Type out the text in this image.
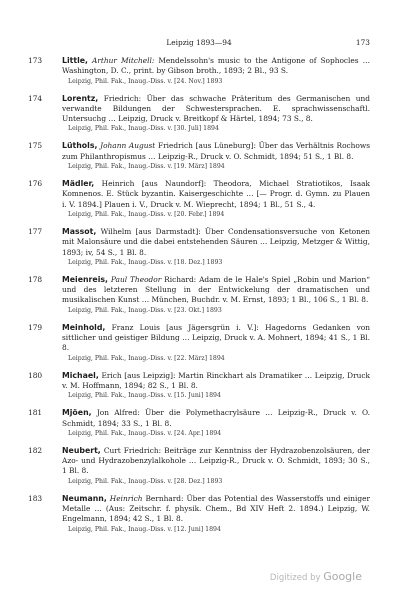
Leipzig 1893—94	173
173	Little, Arthur Mitchell: Mendelssohn's music to the Antigone of Sophocles … Washington, D. C., print. by Gibson broth., 1893; 2 Bl., 93 S.
Leipzig, Phil. Fak., Inaug.-Diss. v. [24. Nov.] 1893
174	Lorentz, Friedrich: Über das schwache Präteritum des Germanischen und verwandte Bildungen der Schwestersprachen. E. sprachwissenschaftl. Untersuchg … Leipzig, Druck v. Breitkopf & Härtel, 1894; 73 S., 8.
Leipzig, Phil. Fak., Inaug.-Diss. v. [30. Juli] 1894
175	Lüthols, Johann August Friedrich [aus Lüneburg]: Über das Verhältnis Rochows zum Philanthropismus … Leipzig-R., Druck v. O. Schmidt, 1894; 51 S., 1 Bl. 8.
Leipzig, Phil. Fak., Inaug.-Diss. v. [19. März] 1894
176	Mädler, Heinrich [aus Naundorf]: Theodora, Michael Stratiotikos, Isaak Komnenos. E. Stück byzantin. Kaisergeschichte … [— Progr. d. Gymn. zu Plauen i. V. 1894.] Plauen i. V., Druck v. M. Wieprecht, 1894; 1 Bl., 51 S., 4.
Leipzig, Phil. Fak., Inaug.-Diss. v. [20. Febr.] 1894
177	Massot, Wilhelm [aus Darmstadt]: Über Condensationsversuche von Ketonen mit Malonsäure und die dabei entstehenden Säuren … Leipzig, Metzger & Wittig, 1893; iv, 54 S., 1 Bl. 8.
Leipzig, Phil. Fak., Inaug.-Diss. v. [18. Dez.] 1893
178	Meienreis, Paul Theodor Richard: Adam de le Hale's Spiel „Robin und Marion“ und des letzteren Stellung in der Entwickelung der dramatischen und musikalischen Kunst … München, Buchdr. v. M. Ernst, 1893; 1 Bl., 106 S., 1 Bl. 8.
Leipzig, Phil. Fak., Inaug.-Diss. v. [23. Okt.] 1893
179	Meinhold, Franz Louis [aus Jägersgrün i. V.]: Hagedorns Gedanken von sittlicher und geistiger Bildung … Leipzig, Druck v. A. Mohnert, 1894; 41 S., 1 Bl. 8.
Leipzig, Phil. Fak., Inaug.-Diss. v. [22. März] 1894
180	Michael, Erich [aus Leipzig]: Martin Rinckhart als Dramatiker … Leipzig, Druck v. M. Hoffmann, 1894; 82 S., 1 Bl. 8.
Leipzig, Phil. Fak., Inaug.-Diss. v. [15. Juni] 1894
181	Mjöen, Jon Alfred: Über die Polymethacrylsäure … Leipzig-R., Druck v. O. Schmidt, 1894; 33 S., 1 Bl. 8.
Leipzig, Phil. Fak., Inaug.-Diss. v. [24. Apr.] 1894
182	Neubert, Curt Friedrich: Beiträge zur Kenntniss der Hydrazobenzolsäuren, der Azo- und Hydrazobenzylalkohole … Leipzig-R., Druck v. O. Schmidt, 1893; 30 S., 1 Bl. 8.
Leipzig, Phil. Fak., Inaug.-Diss. v. [28. Dez.] 1893
183	Neumann, Heinrich Bernhard: Über das Potential des Wasserstoffs und einiger Metalle … (Aus: Zeitschr. f. physik. Chem., Bd XIV Heft 2. 1894.) Leipzig, W. Engelmann, 1894; 42 S., 1 Bl. 8.
Leipzig, Phil. Fak., Inaug.-Diss. v. [12. Juni] 1894
Digitized by Google
